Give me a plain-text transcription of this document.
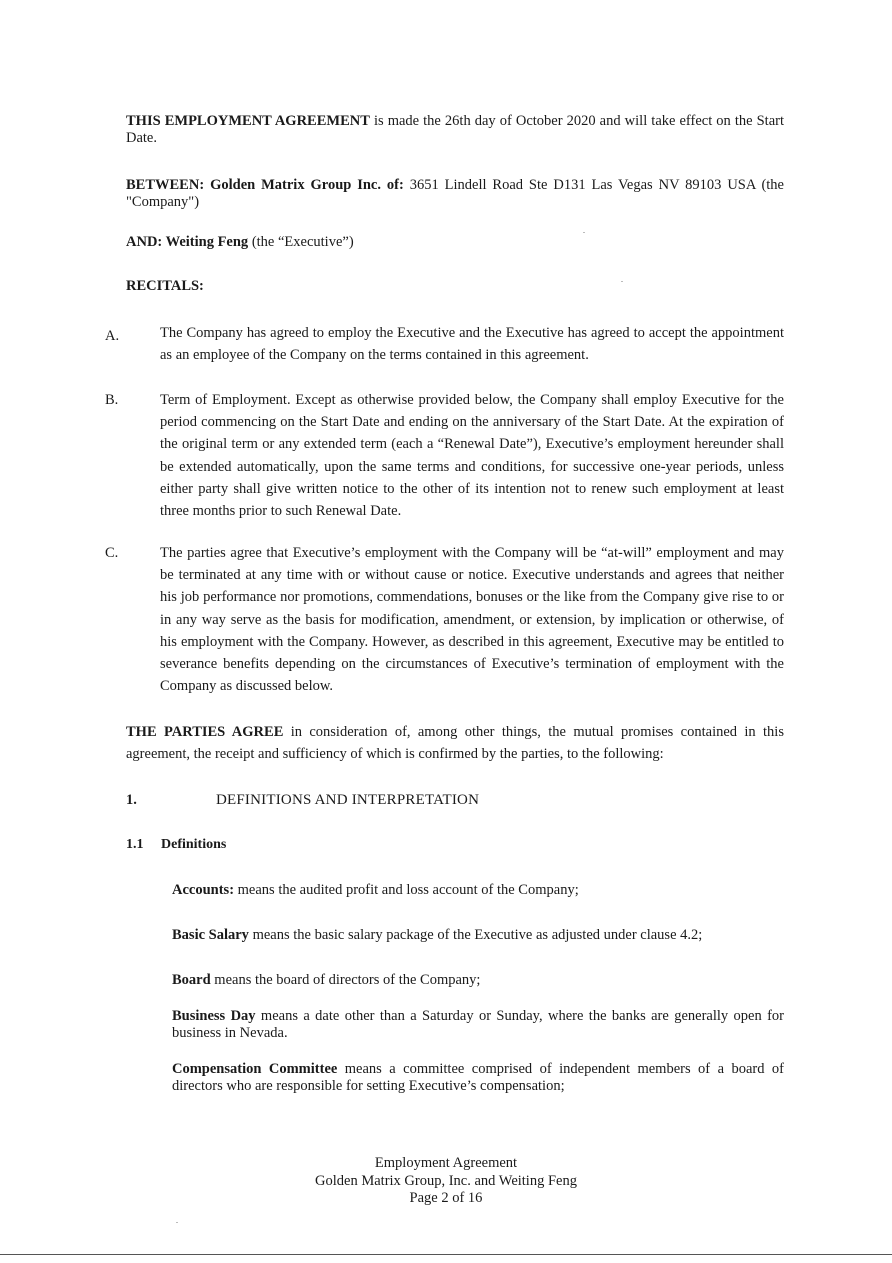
THIS EMPLOYMENT AGREEMENT is made the 26th day of October 2020 and will take effect on the Start Date.
BETWEEN: Golden Matrix Group Inc. of: 3651 Lindell Road Ste D131 Las Vegas NV 89103 USA (the "Company")
AND: Weiting Feng (the “Executive”)
RECITALS:
A.	The Company has agreed to employ the Executive and the Executive has agreed to accept the appointment as an employee of the Company on the terms contained in this agreement.
B.	Term of Employment. Except as otherwise provided below, the Company shall employ Executive for the period commencing on the Start Date and ending on the anniversary of the Start Date. At the expiration of the original term or any extended term (each a “Renewal Date”), Executive’s employment hereunder shall be extended automatically, upon the same terms and conditions, for successive one-year periods, unless either party shall give written notice to the other of its intention not to renew such employment at least three months prior to such Renewal Date.
C.	The parties agree that Executive’s employment with the Company will be “at-will” employment and may be terminated at any time with or without cause or notice. Executive understands and agrees that neither his job performance nor promotions, commendations, bonuses or the like from the Company give rise to or in any way serve as the basis for modification, amendment, or extension, by implication or otherwise, of his employment with the Company. However, as described in this agreement, Executive may be entitled to severance benefits depending on the circumstances of Executive’s termination of employment with the Company as discussed below.
THE PARTIES AGREE in consideration of, among other things, the mutual promises contained in this agreement, the receipt and sufficiency of which is confirmed by the parties, to the following:
1.	DEFINITIONS AND INTERPRETATION
1.1 Definitions
Accounts: means the audited profit and loss account of the Company;
Basic Salary means the basic salary package of the Executive as adjusted under clause 4.2;
Board means the board of directors of the Company;
Business Day means a date other than a Saturday or Sunday, where the banks are generally open for business in Nevada.
Compensation Committee means a committee comprised of independent members of a board of directors who are responsible for setting Executive’s compensation;
Employment Agreement
Golden Matrix Group, Inc. and Weiting Feng
Page 2 of 16
